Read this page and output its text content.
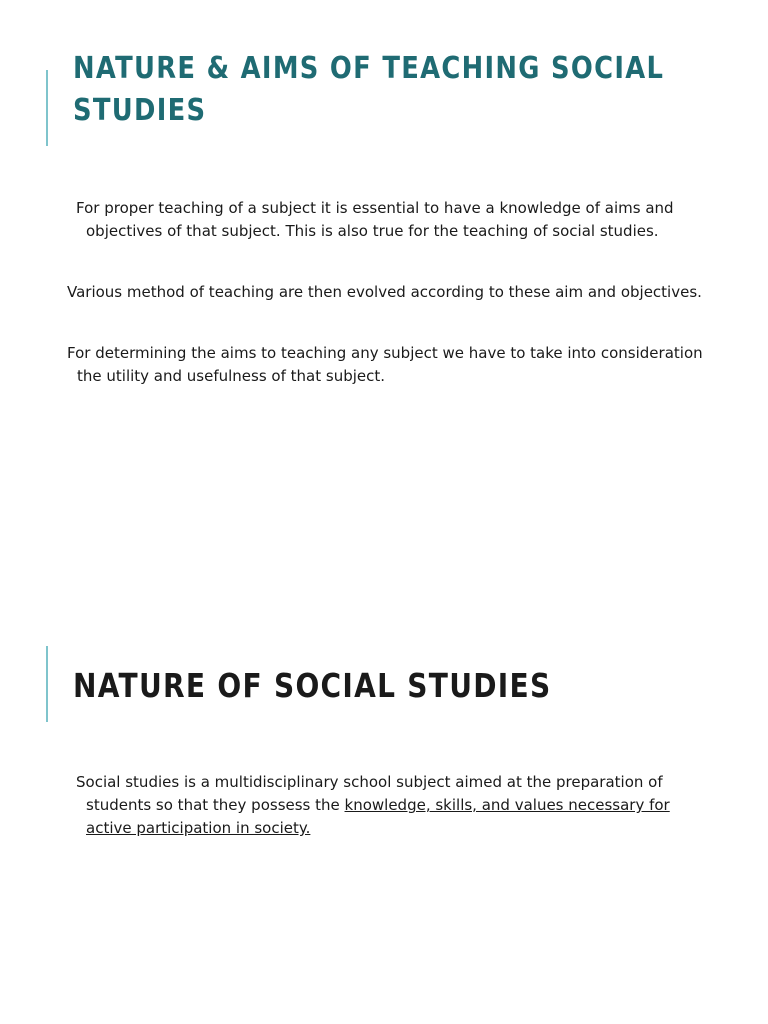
NATURE & AIMS OF TEACHING SOCIAL STUDIES

For proper teaching of a subject it is essential to have a knowledge of aims and objectives of that subject. This is also true for the teaching of social studies.

Various method of teaching are then evolved according to these aim and objectives.

For determining the aims to teaching any subject we have to take into consideration the utility and usefulness of that subject.

NATURE OF SOCIAL STUDIES

Social studies is a multidisciplinary school subject aimed at the preparation of students so that they possess the knowledge, skills, and values necessary for active participation in society.
